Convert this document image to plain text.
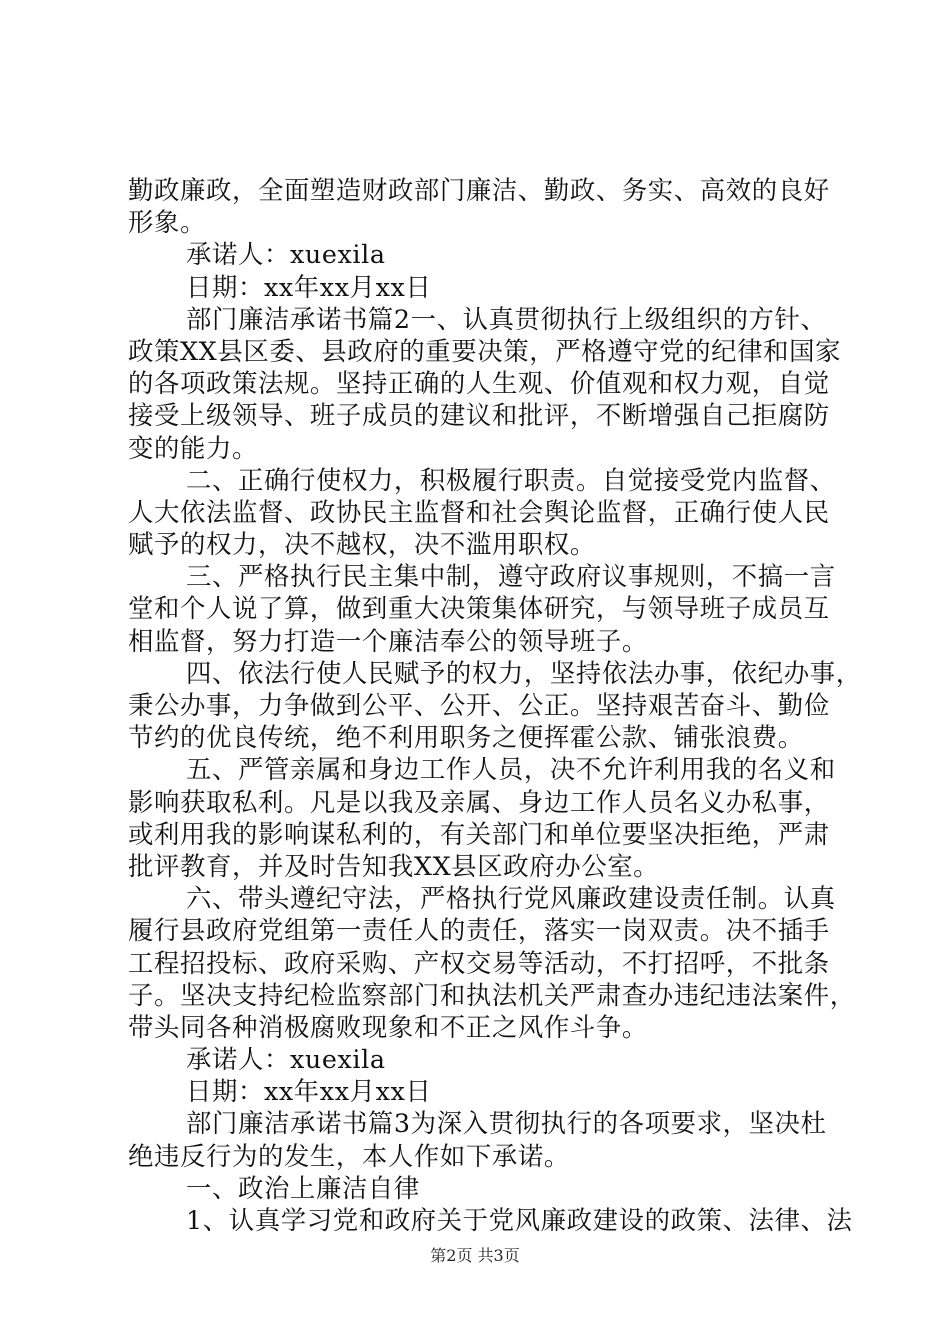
勤政廉政，全面塑造财政部门廉洁、勤政、务实、高效的良好
形象。
承诺人：xuexila
日期：xx年xx月xx日
部门廉洁承诺书篇2一、认真贯彻执行上级组织的方针、
政策XX县区委、县政府的重要决策，严格遵守党的纪律和国家
的各项政策法规。坚持正确的人生观、价值观和权力观，自觉
接受上级领导、班子成员的建议和批评，不断增强自己拒腐防
变的能力。
二、正确行使权力，积极履行职责。自觉接受党内监督、
人大依法监督、政协民主监督和社会舆论监督，正确行使人民
赋予的权力，决不越权，决不滥用职权。
三、严格执行民主集中制，遵守政府议事规则，不搞一言
堂和个人说了算，做到重大决策集体研究，与领导班子成员互
相监督，努力打造一个廉洁奉公的领导班子。
四、依法行使人民赋予的权力，坚持依法办事，依纪办事，
秉公办事，力争做到公平、公开、公正。坚持艰苦奋斗、勤俭
节约的优良传统，绝不利用职务之便挥霍公款、铺张浪费。
五、严管亲属和身边工作人员，决不允许利用我的名义和
影响获取私利。凡是以我及亲属、身边工作人员名义办私事，
或利用我的影响谋私利的，有关部门和单位要坚决拒绝，严肃
批评教育，并及时告知我XX县区政府办公室。
六、带头遵纪守法，严格执行党风廉政建设责任制。认真
履行县政府党组第一责任人的责任，落实一岗双责。决不插手
工程招投标、政府采购、产权交易等活动，不打招呼，不批条
子。坚决支持纪检监察部门和执法机关严肃查办违纪违法案件，
带头同各种消极腐败现象和不正之风作斗争。
承诺人：xuexila
日期：xx年xx月xx日
部门廉洁承诺书篇3为深入贯彻执行的各项要求，坚决杜
绝违反行为的发生，本人作如下承诺。
一、政治上廉洁自律
1、认真学习党和政府关于党风廉政建设的政策、法律、法
第2页 共3页
